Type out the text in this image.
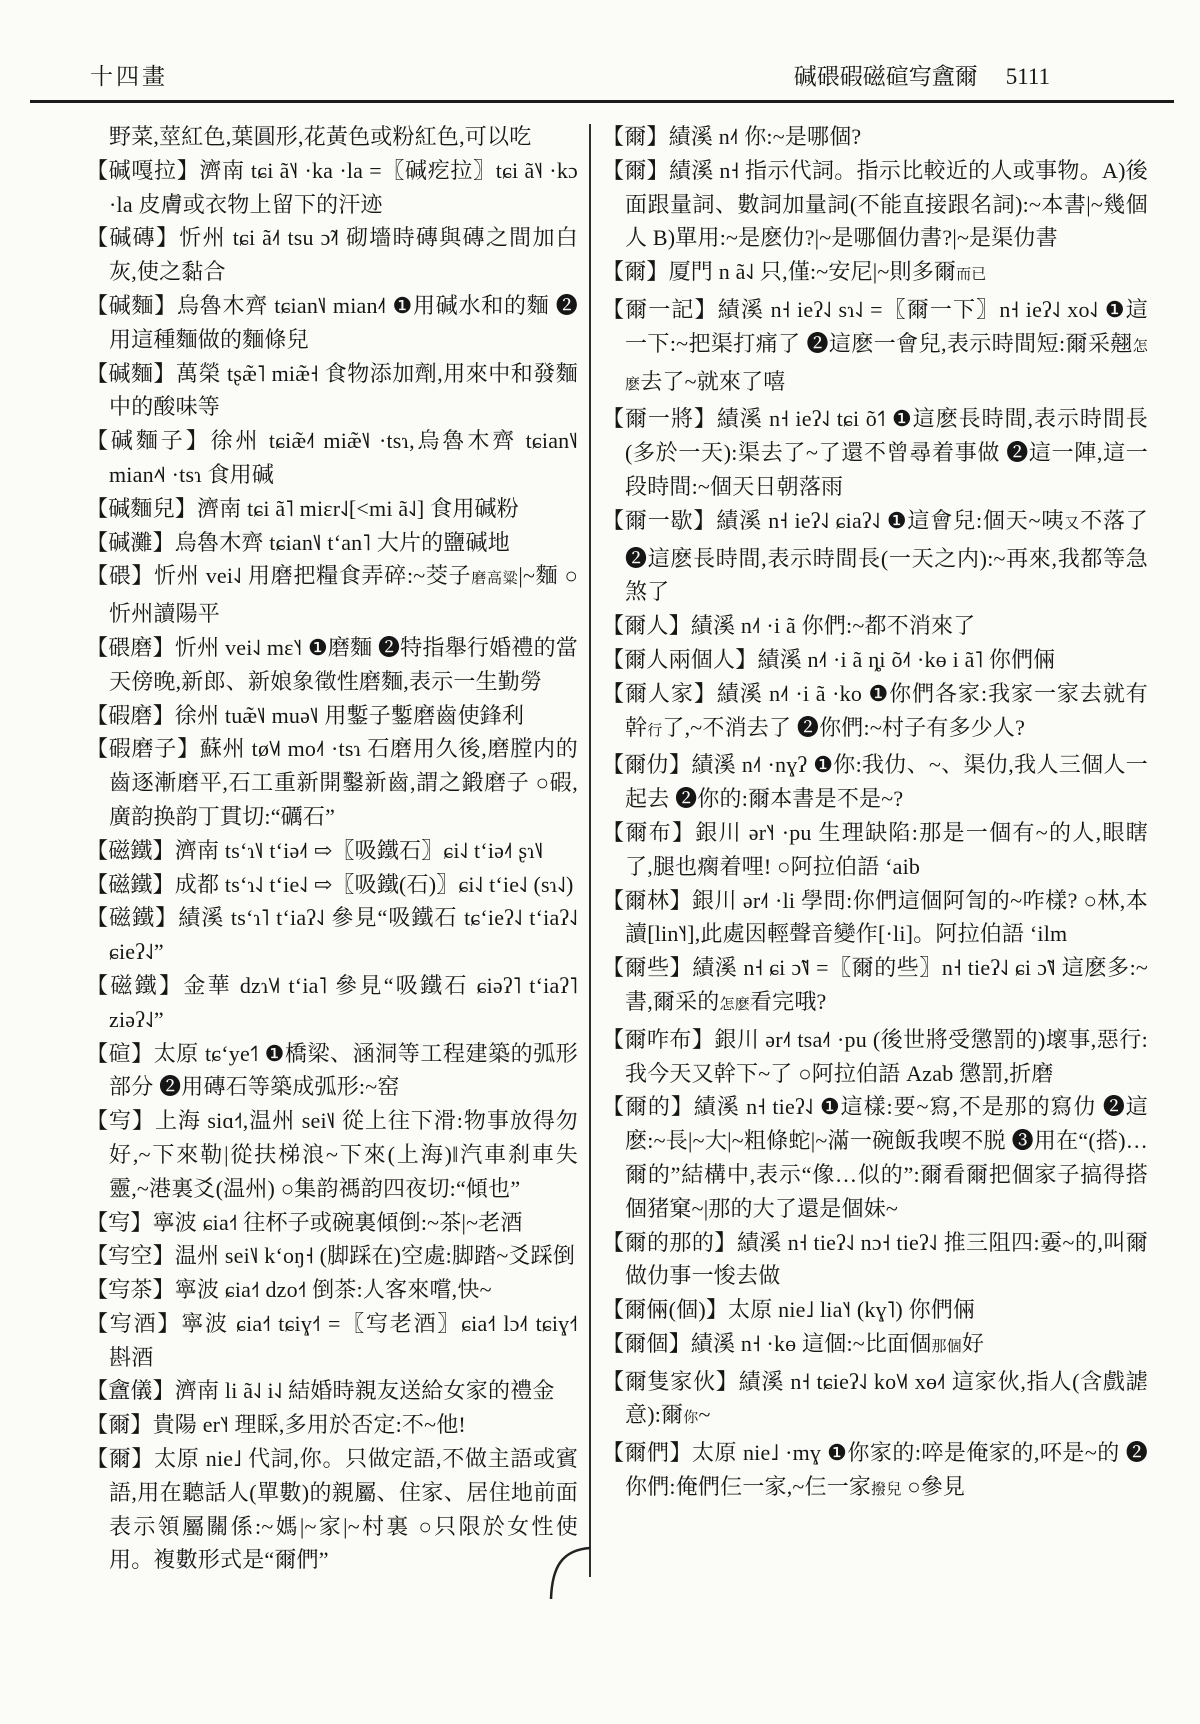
十四畫	碱碨碬磁碹㝍盦爾 5111

野菜,莖紅色,葉圓形,花黃色或粉紅色,可以吃

【碱嘎拉】濟南 tɕi ã˥˨ ·ka ·la =〖碱疙拉〗tɕi ã˥˨ ·kɔ ·la 皮膚或衣物上留下的汗迹

【碱磚】忻州 tɕi ã˨˦ tsu ɔ̃˨˦ 砌墻時磚與磚之間加白灰,使之黏合

【碱麵】烏魯木齊 tɕian˥˩ mian˨˦ ❶用碱水和的麵 ❷用這種麵做的麵條兒

【碱麵】萬榮 tʂæ̃˥ miæ̃˧ 食物添加劑,用來中和發麵中的酸味等

【碱麵子】徐州 tɕiæ̃˨˦ miæ̃˥˩ ·tsɿ,烏魯木齊 tɕian˥˩ mian˨˦˨ ·tsɿ 食用碱

【碱麵兒】濟南 tɕi ã˥ miɛr˨˩[<mi ã˨˩] 食用碱粉

【碱灘】烏魯木齊 tɕian˥˩ tʻan˥ 大片的鹽碱地

【碨】忻州 vei˨˩ 用磨把糧食弄碎:~茭子磨高粱|~麵 ○忻州讀陽平

【碨磨】忻州 vei˨˩ mɛ˥˧ ❶磨麵 ❷特指舉行婚禮的當天傍晚,新郎、新娘象徵性磨麵,表示一生勤勞

【碬磨】徐州 tuæ̃˥˩ muə˥˩ 用鏨子鏨磨齒使鋒利

【碬磨子】蘇州 tø˥˩˦ mo˨˦ ·tsɿ 石磨用久後,磨膛内的齒逐漸磨平,石工重新開鑿新齒,謂之鍛磨子 ○碬,廣韵换韵丁貫切:“礪石”

【磁鐵】濟南 tsʻɿ˥˩ tʻiə˨˦ ⇨〖吸鐵石〗ɕi˨˩ tʻiə˨˦ ʂɿ˥˩

【磁鐵】成都 tsʻɿ˨˩ tʻie˨˩ ⇨〖吸鐵(石)〗ɕi˨˩ tʻie˨˩ (sɿ˨˩)

【磁鐵】績溪 tsʻɿ˥ tʻiaʔ˨˩ 參見“吸鐵石 tɕʻieʔ˨˩ tʻiaʔ˨˩ ɕieʔ˨˩”

【磁鐵】金華 dzɿ˥˩˦ tʻia˥ 參見“吸鐵石 ɕiəʔ˥ tʻiaʔ˥ ziəʔ˨˩”

【碹】太原 tɕʻye˦˥ ❶橋梁、涵洞等工程建築的弧形部分 ❷用磚石等築成弧形:~窑

【㝍】上海 siɑ˧˦,温州 sei˥˩ 從上往下滑:物事放得勿好,~下來勒|從扶梯浪~下來(上海)‖汽車刹車失靈,~港裏爻(温州) ○集韵禡韵四夜切:“傾也”

【㝍】寧波 ɕia˧˦ 往杯子或碗裏傾倒:~茶|~老酒

【㝍空】温州 sei˥˩ kʻoŋ˧ (脚踩在)空處:脚踏~爻踩倒

【㝍茶】寧波 ɕia˧˦ dzo˧˦ 倒茶:人客來嚐,快~

【㝍酒】寧波 ɕia˧˦ tɕiɣ˧˦ =〖㝍老酒〗ɕia˧˦ lɔ˨˦ tɕiɣ˧˦ 斟酒

【盦儀】濟南 li ã˨˩ i˨˩ 結婚時親友送給女家的禮金

【爾】貴陽 er˥˧ 理睬,多用於否定:不~他!

【爾】太原 nie˩ 代詞,你。只做定語,不做主語或賓語,用在聽話人(單數)的親屬、住家、居住地前面表示領屬關係:~媽|~家|~村裏 ○只限於女性使用。複數形式是“爾們”

【爾】績溪 n˨˦ 你:~是哪個?

【爾】績溪 n˧ 指示代詞。指示比較近的人或事物。A)後面跟量詞、數詞加量詞(不能直接跟名詞):~本書|~幾個人 B)單用:~是麽仂?|~是哪個仂書?|~是渠仂書

【爾】厦門 n ã˨˩ 只,僅:~安尼|~則多爾而已

【爾一記】績溪 n˧ ieʔ˨˩ sɿ˨˩ =〖爾一下〗n˧ ieʔ˨˩ xo˨˩ ❶這一下:~把渠打痛了 ❷這麽一會兒,表示時間短:爾采翹怎麽去了~就來了嘻

【爾一將】績溪 n˧ ieʔ˨˩ tɕi õ˦˥ ❶這麽長時間,表示時間長(多於一天):渠去了~了還不曾尋着事做 ❷這一陣,這一段時間:~個天日朝落雨

【爾一歇】績溪 n˧ ieʔ˨˩ ɕiaʔ˨˩ ❶這會兒:個天~咦又不落了 ❷這麽長時間,表示時間長(一天之内):~再來,我都等急煞了

【爾人】績溪 n˨˦ ·i ã 你們:~都不消來了

【爾人兩個人】績溪 n˨˦ ·i ã ȵi õ˨˦ ·kɵ i ã˥ 你們倆

【爾人家】績溪 n˨˦ ·i ã ·ko ❶你們各家:我家一家去就有幹行了,~不消去了 ❷你們:~村子有多少人?

【爾仂】績溪 n˨˦ ·nɣʔ ❶你:我仂、~、渠仂,我人三個人一起去 ❷你的:爾本書是不是~?

【爾布】銀川 ər˥˧ ·pu 生理缺陷:那是一個有~的人,眼瞎了,腿也瘸着哩! ○阿拉伯語 ʻaib

【爾林】銀川 ər˨˦ ·li 學問:你們這個阿訇的~咋樣? ○林,本讀[lin˥˧],此處因輕聲音變作[·li]。阿拉伯語 ʻilm

【爾些】績溪 n˧ ɕi ɔ̃˥˩ =〖爾的些〗n˧ tieʔ˨˩ ɕi ɔ̃˥˩ 這麽多:~書,爾采的怎麽看完哦?

【爾咋布】銀川 ər˨˦ tsa˨˦ ·pu (後世將受懲罰的)壞事,惡行:我今天又幹下~了 ○阿拉伯語 Azab 懲罰,折磨

【爾的】績溪 n˧ tieʔ˨˩ ❶這樣:要~寫,不是那的寫仂 ❷這麽:~長|~大|~粗條蛇|~滿一碗飯我喫不脱 ❸用在“(搭)…爾的”結構中,表示“像…似的”:爾看爾把個家子搞得搭個猪窠~|那的大了還是個妹~

【爾的那的】績溪 n˧ tieʔ˨˩ nɔ˧ tieʔ˨˩ 推三阻四:嫑~的,叫爾做仂事一悛去做

【爾倆(個)】太原 nie˩ lia˥˧ (kɣ˥) 你們倆

【爾個】績溪 n˧ ·kɵ 這個:~比面個那個好

【爾隻家伙】績溪 n˧ tɕieʔ˨˩ ko˥˩˦ xɵ˨˦ 這家伙,指人(含戲謔意):爾你~

【爾們】太原 nie˩ ·mɣ ❶你家的:啐是俺家的,吥是~的 ❷你們:俺們仨一家,~仨一家撥兒 ○參見
